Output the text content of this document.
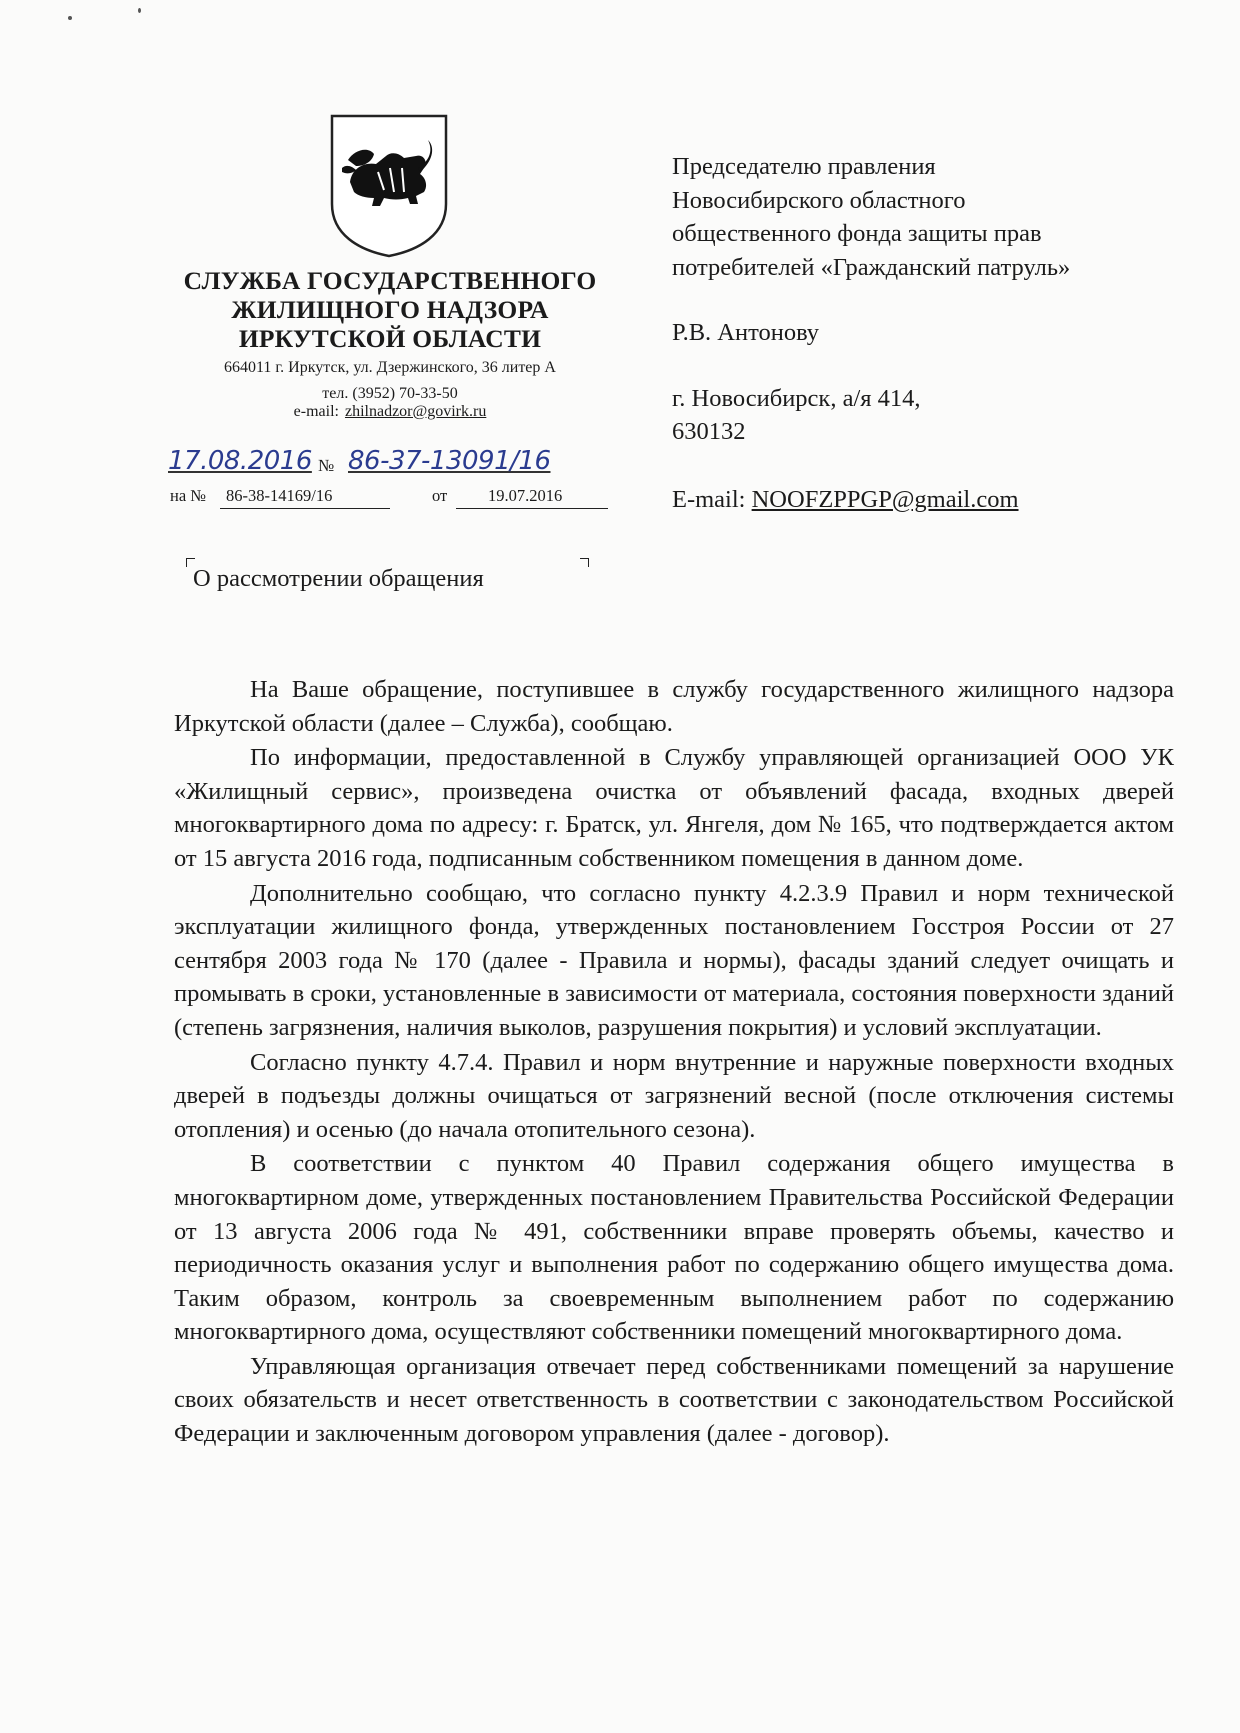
СЛУЖБА ГОСУДАРСТВЕННОГО
ЖИЛИЩНОГО НАДЗОРА
ИРКУТСКОЙ ОБЛАСТИ
664011 г. Иркутск, ул. Дзержинского, 36 литер А
тел. (3952) 70-33-50
e-mail: zhilnadzor@govirk.ru
17.08.2016 № 86-37-13091/16
на № 86-38-14169/16	от 19.07.2016
О рассмотрении обращения

Председателю правления

Новосибирского областного

общественного фонда защиты прав

потребителей «Гражданский патруль»

Р.В. Антонову

г. Новосибирск, а/я 414,

630132

E-mail: NOOFZPPGP@gmail.com

На Ваше обращение, поступившее в службу государственного жилищного надзора Иркутской области (далее – Служба), сообщаю.

По информации, предоставленной в Службу управляющей организацией ООО УК «Жилищный сервис», произведена очистка от объявлений фасада, входных дверей многоквартирного дома по адресу: г. Братск, ул. Янгеля, дом № 165, что подтверждается актом от 15 августа 2016 года, подписанным собственником помещения в данном доме.

Дополнительно сообщаю, что согласно пункту 4.2.3.9 Правил и норм технической эксплуатации жилищного фонда, утвержденных постановлением Госстроя России от 27 сентября 2003 года № 170 (далее - Правила и нормы), фасады зданий следует очищать и промывать в сроки, установленные в зависимости от материала, состояния поверхности зданий (степень загрязнения, наличия выколов, разрушения покрытия) и условий эксплуатации.

Согласно пункту 4.7.4. Правил и норм внутренние и наружные поверхности входных дверей в подъезды должны очищаться от загрязнений весной (после отключения системы отопления) и осенью (до начала отопительного сезона).

В соответствии с пунктом 40 Правил содержания общего имущества в многоквартирном доме, утвержденных постановлением Правительства Российской Федерации от 13 августа 2006 года № 491, собственники вправе проверять объемы, качество и периодичность оказания услуг и выполнения работ по содержанию общего имущества дома. Таким образом, контроль за своевременным выполнением работ по содержанию многоквартирного дома, осуществляют собственники помещений многоквартирного дома.

Управляющая организация отвечает перед собственниками помещений за нарушение своих обязательств и несет ответственность в соответствии с законодательством Российской Федерации и заключенным договором управления (далее - договор).
